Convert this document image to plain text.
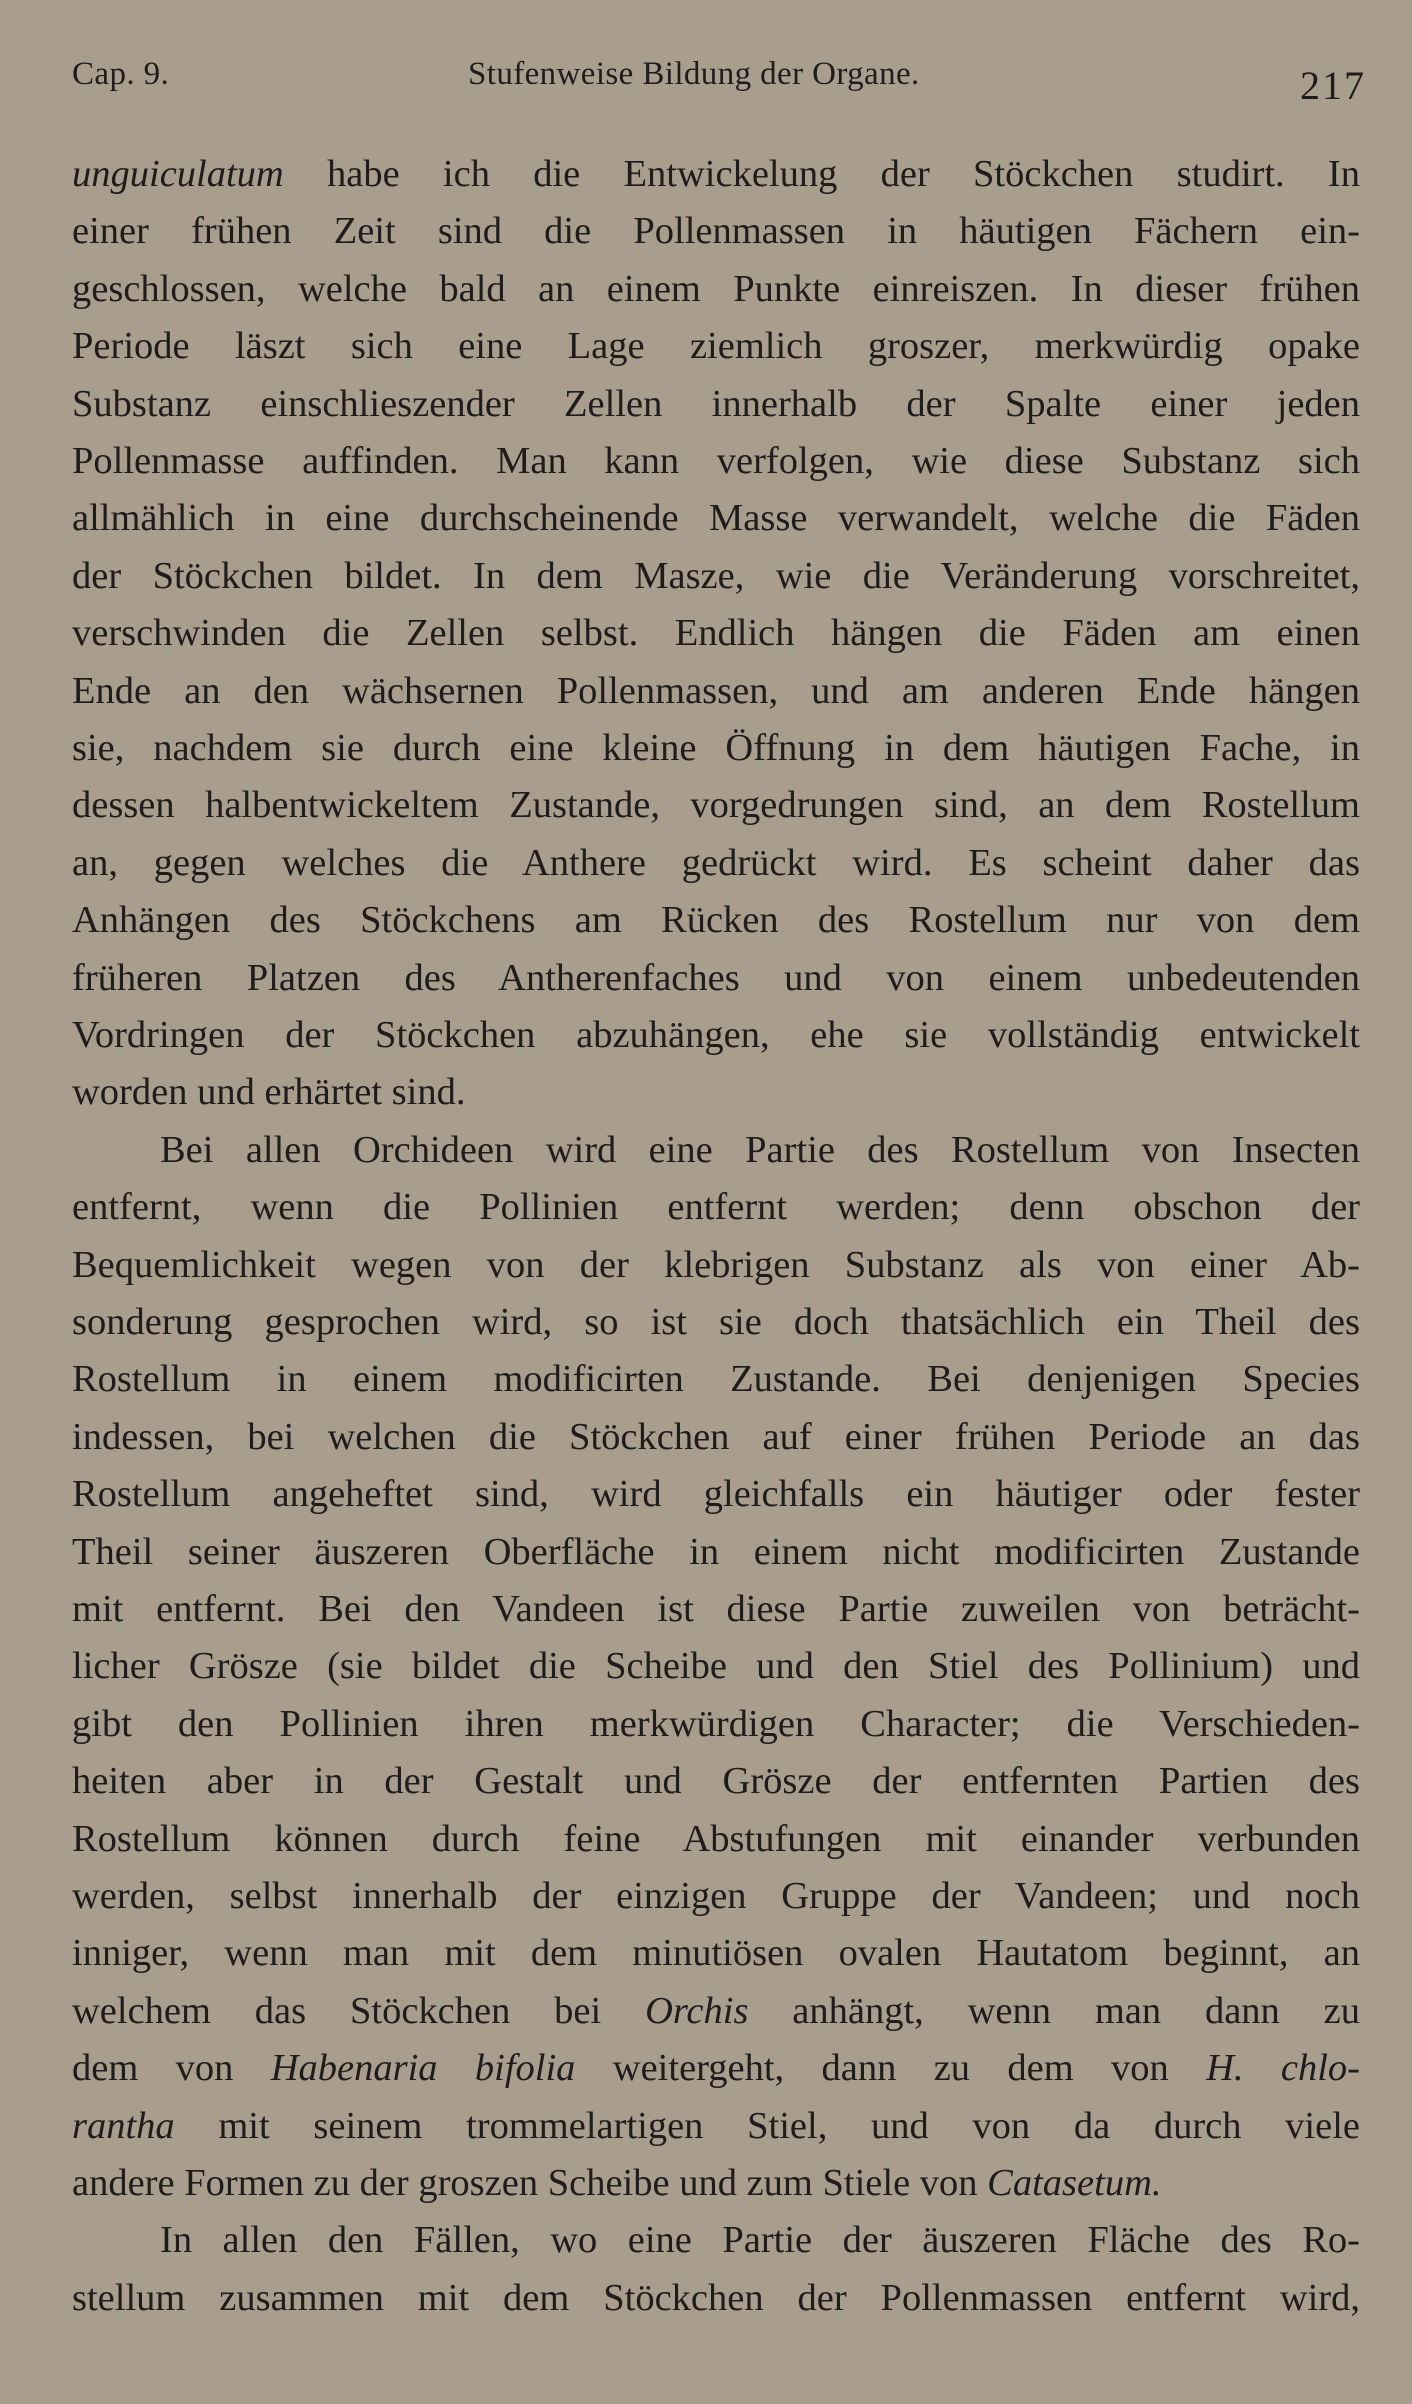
Cap. 9.	Stufenweise Bildung der Organe.	217
unguiculatum habe ich die Entwickelung der Stöckchen studirt. In
einer frühen Zeit sind die Pollenmassen in häutigen Fächern ein-
geschlossen, welche bald an einem Punkte einreiszen. In dieser frühen
Periode läszt sich eine Lage ziemlich groszer, merkwürdig opake
Substanz einschlieszender Zellen innerhalb der Spalte einer jeden
Pollenmasse auffinden. Man kann verfolgen, wie diese Substanz sich
allmählich in eine durchscheinende Masse verwandelt, welche die Fäden
der Stöckchen bildet. In dem Masze, wie die Veränderung vorschreitet,
verschwinden die Zellen selbst. Endlich hängen die Fäden am einen
Ende an den wächsernen Pollenmassen, und am anderen Ende hängen
sie, nachdem sie durch eine kleine Öffnung in dem häutigen Fache, in
dessen halbentwickeltem Zustande, vorgedrungen sind, an dem Rostellum
an, gegen welches die Anthere gedrückt wird. Es scheint daher das
Anhängen des Stöckchens am Rücken des Rostellum nur von dem
früheren Platzen des Antherenfaches und von einem unbedeutenden
Vordringen der Stöckchen abzuhängen, ehe sie vollständig entwickelt
worden und erhärtet sind.
Bei allen Orchideen wird eine Partie des Rostellum von Insecten
entfernt, wenn die Pollinien entfernt werden; denn obschon der
Bequemlichkeit wegen von der klebrigen Substanz als von einer Ab-
sonderung gesprochen wird, so ist sie doch thatsächlich ein Theil des
Rostellum in einem modificirten Zustande. Bei denjenigen Species
indessen, bei welchen die Stöckchen auf einer frühen Periode an das
Rostellum angeheftet sind, wird gleichfalls ein häutiger oder fester
Theil seiner äuszeren Oberfläche in einem nicht modificirten Zustande
mit entfernt. Bei den Vandeen ist diese Partie zuweilen von beträcht-
licher Grösze (sie bildet die Scheibe und den Stiel des Pollinium) und
gibt den Pollinien ihren merkwürdigen Character; die Verschieden-
heiten aber in der Gestalt und Grösze der entfernten Partien des
Rostellum können durch feine Abstufungen mit einander verbunden
werden, selbst innerhalb der einzigen Gruppe der Vandeen; und noch
inniger, wenn man mit dem minutiösen ovalen Hautatom beginnt, an
welchem das Stöckchen bei Orchis anhängt, wenn man dann zu
dem von Habenaria bifolia weitergeht, dann zu dem von H. chlo-
rantha mit seinem trommelartigen Stiel, und von da durch viele
andere Formen zu der groszen Scheibe und zum Stiele von Catasetum.
In allen den Fällen, wo eine Partie der äuszeren Fläche des Ro-
stellum zusammen mit dem Stöckchen der Pollenmassen entfernt wird,
